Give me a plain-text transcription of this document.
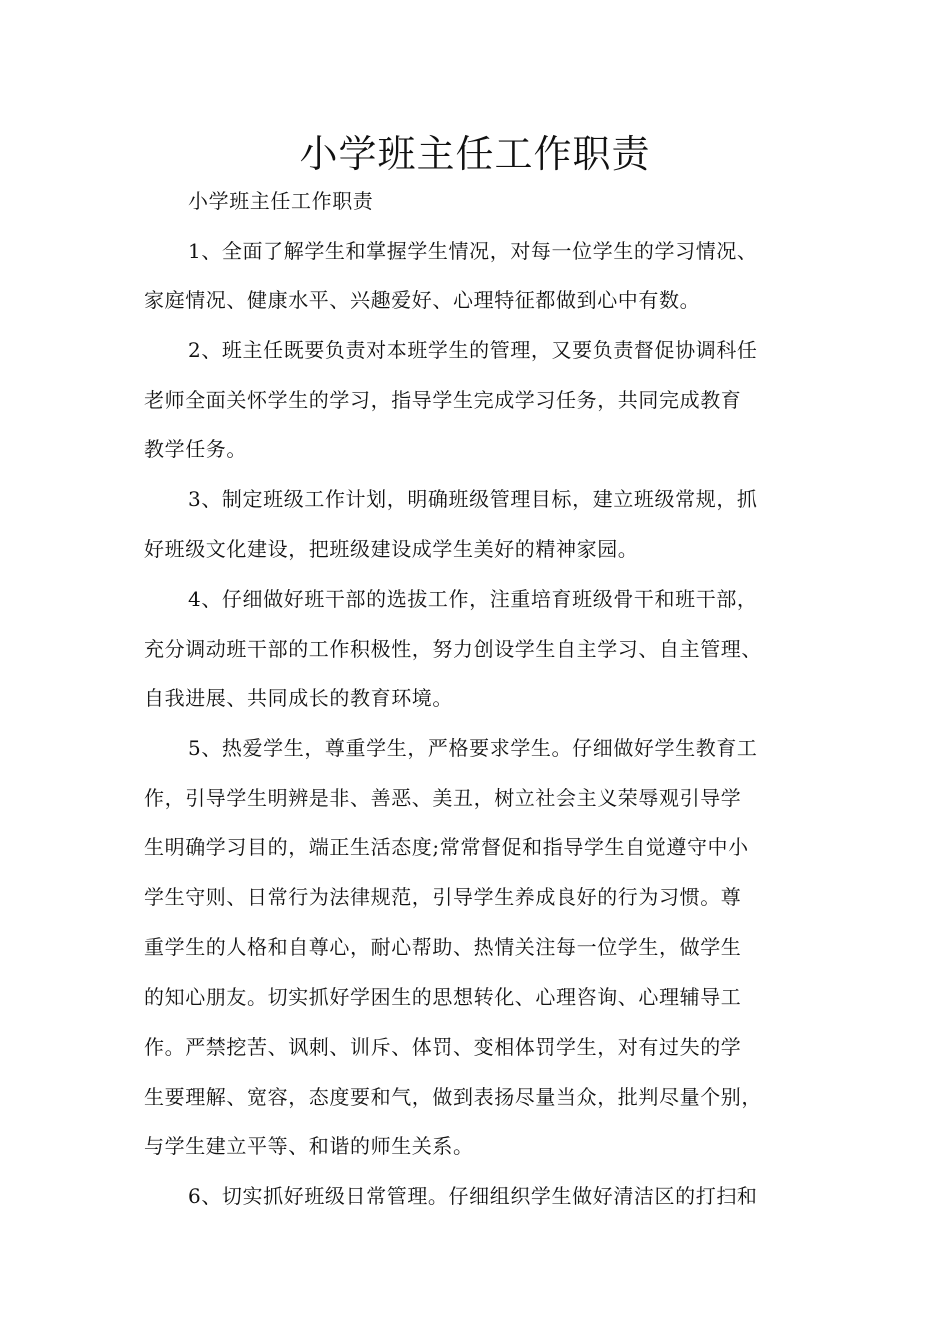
小学班主任工作职责
小学班主任工作职责
1、全面了解学生和掌握学生情况，对每一位学生的学习情况、
家庭情况、健康水平、兴趣爱好、心理特征都做到心中有数。
2、班主任既要负责对本班学生的管理，又要负责督促协调科任
老师全面关怀学生的学习，指导学生完成学习任务，共同完成教育
教学任务。
3、制定班级工作计划，明确班级管理目标，建立班级常规，抓
好班级文化建设，把班级建设成学生美好的精神家园。
4、仔细做好班干部的选拔工作，注重培育班级骨干和班干部，
充分调动班干部的工作积极性，努力创设学生自主学习、自主管理、
自我进展、共同成长的教育环境。
5、热爱学生，尊重学生，严格要求学生。仔细做好学生教育工
作，引导学生明辨是非、善恶、美丑，树立社会主义荣辱观引导学
生明确学习目的，端正生活态度;常常督促和指导学生自觉遵守中小
学生守则、日常行为法律规范，引导学生养成良好的行为习惯。尊
重学生的人格和自尊心，耐心帮助、热情关注每一位学生，做学生
的知心朋友。切实抓好学困生的思想转化、心理咨询、心理辅导工
作。严禁挖苦、讽刺、训斥、体罚、变相体罚学生，对有过失的学
生要理解、宽容，态度要和气，做到表扬尽量当众，批判尽量个别，
与学生建立平等、和谐的师生关系。
6、切实抓好班级日常管理。仔细组织学生做好清洁区的打扫和
